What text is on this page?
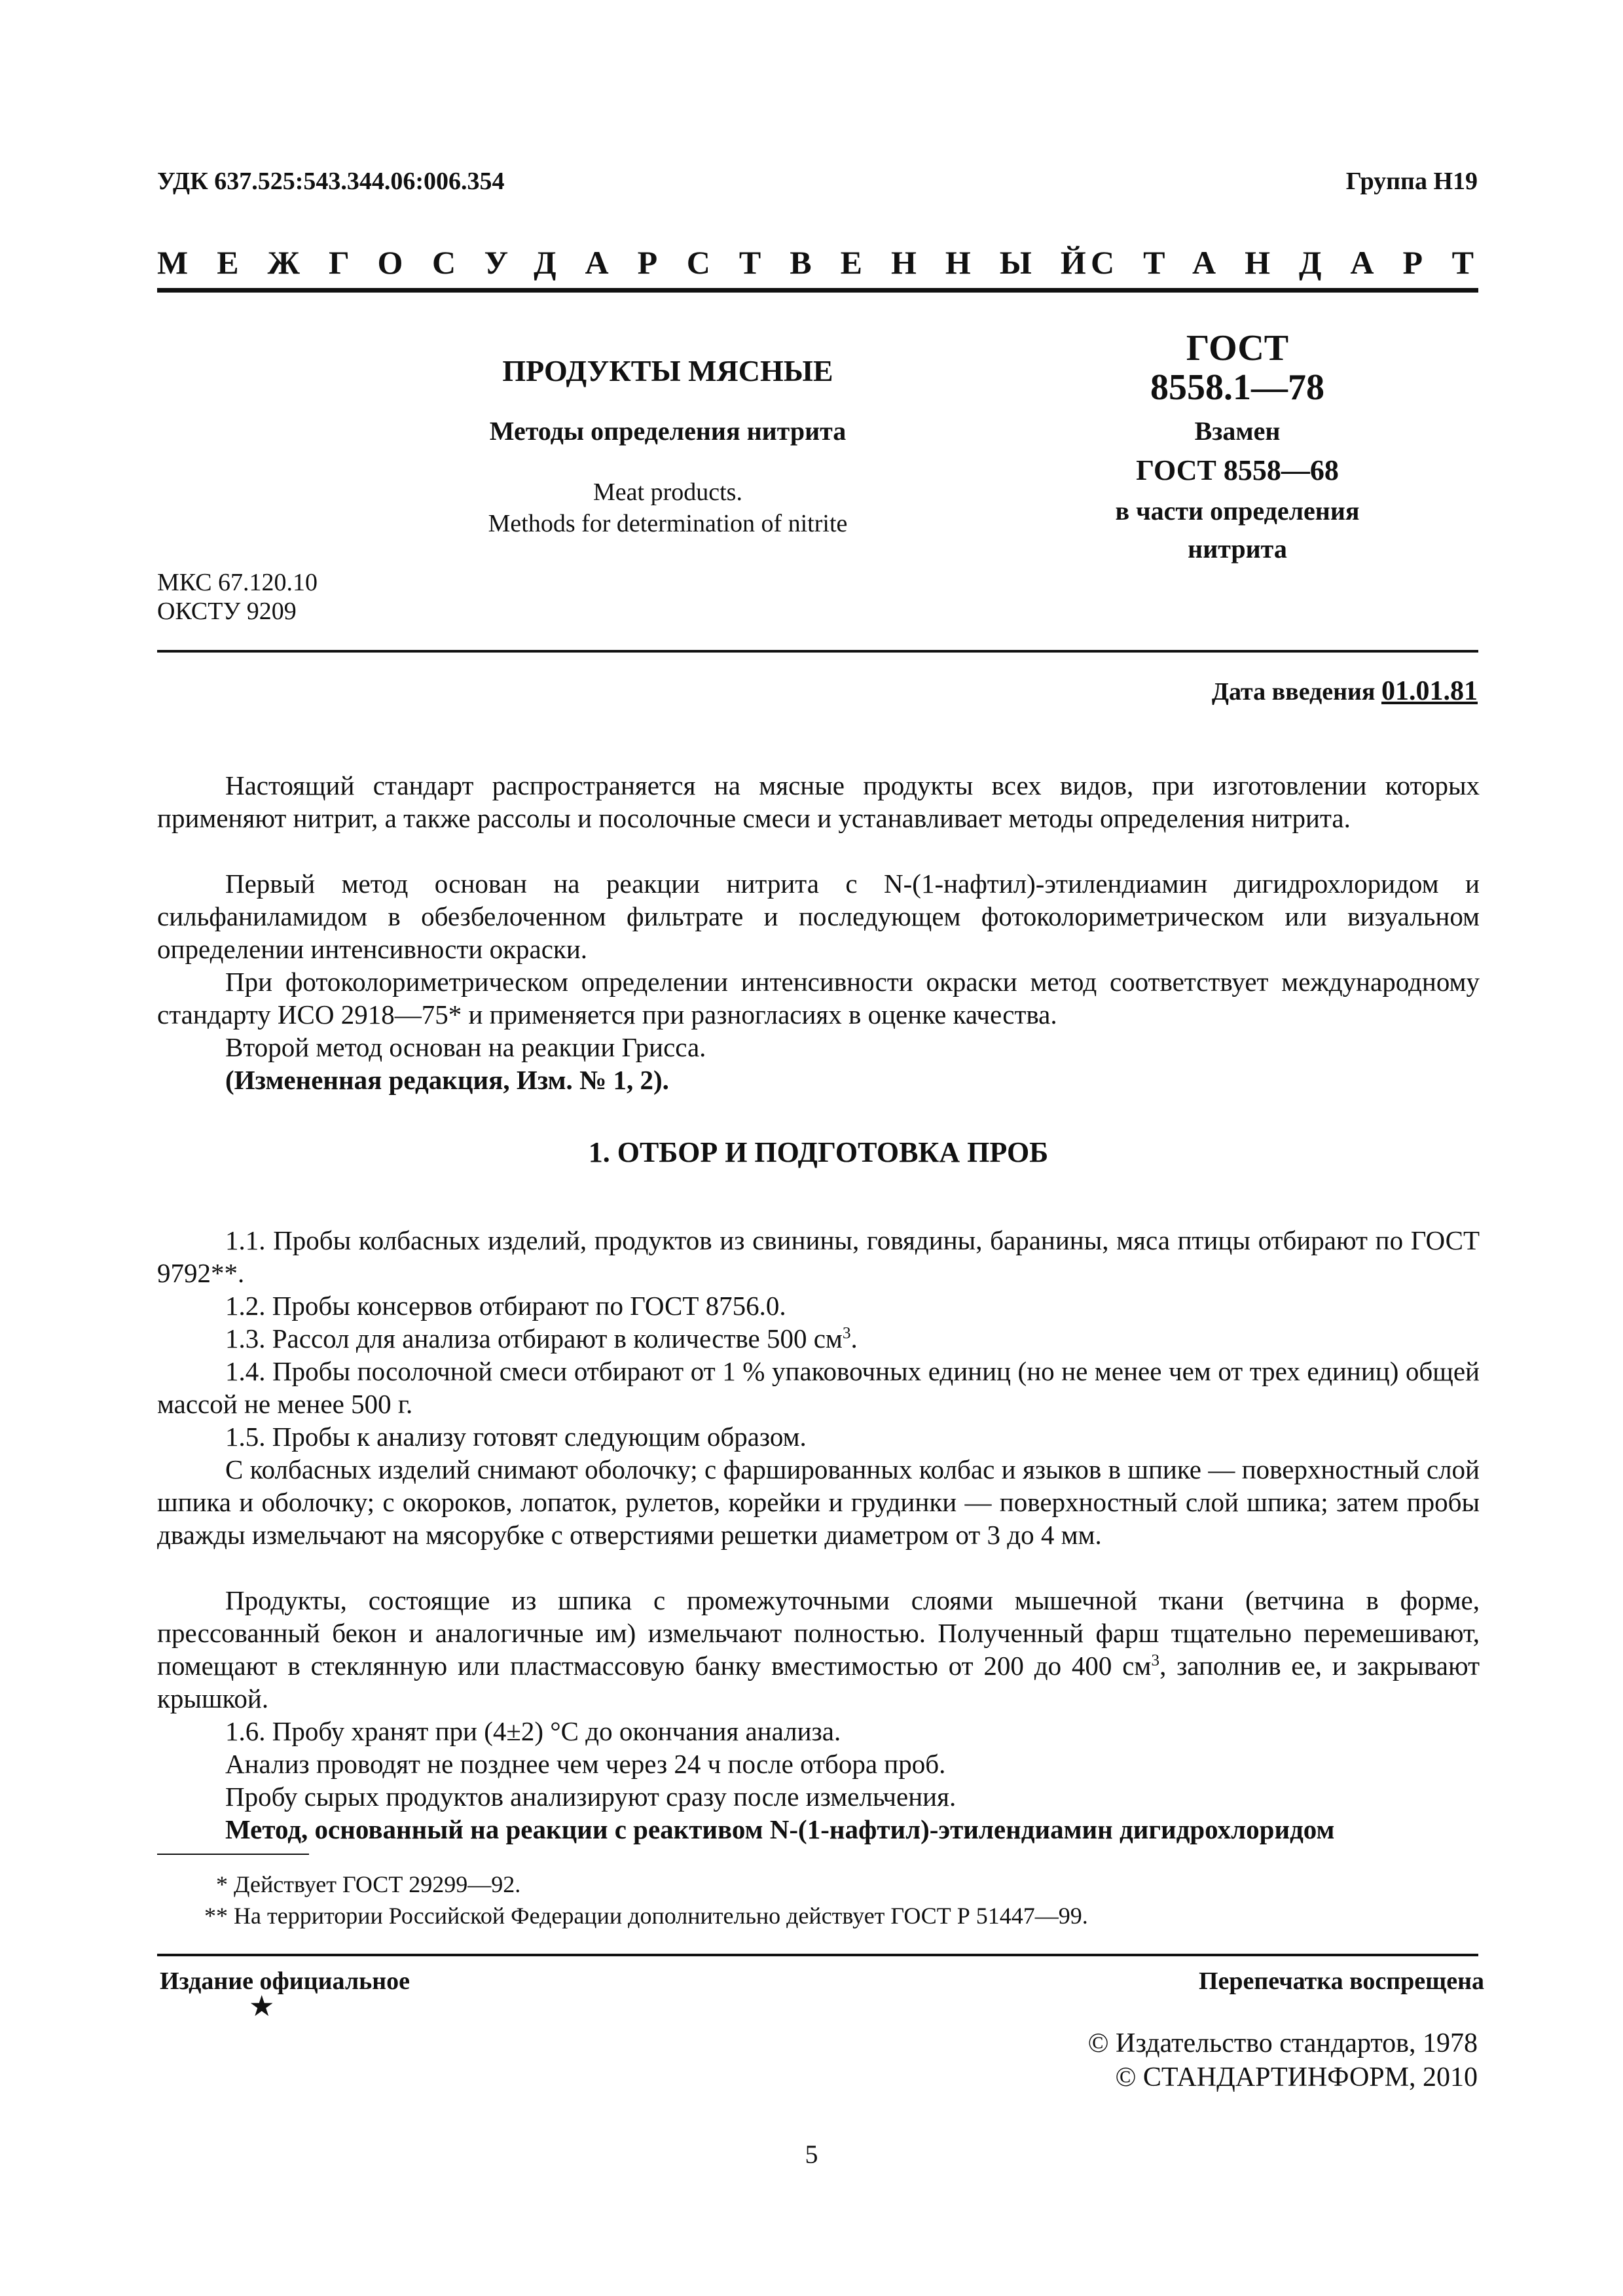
УДК 637.525:543.344.06:006.354	Группа Н19
МЕЖГОСУДАРСТВЕННЫЙ
СТАНДАРТ
ПРОДУКТЫ МЯСНЫЕ
Методы определения нитрита
Meat products.
Methods for determination of nitrite
ГОСТ
8558.1—78
Взамен
ГОСТ 8558—68
в части определения
нитрита
МКС 67.120.10
ОКСТУ 9209
Дата введения 01.01.81

Настоящий стандарт распространяется на мясные продукты всех видов, при изготовлении которых применяют нитрит, а также рассолы и посолочные смеси и устанавливает методы определения нитрита.

Первый метод основан на реакции нитрита с N-(1-нафтил)-этилендиамин дигидрохлоридом и сильфаниламидом в обезбелоченном фильтрате и последующем фотоколориметрическом или визуальном определении интенсивности окраски.

При фотоколориметрическом определении интенсивности окраски метод соответствует международному стандарту ИСО 2918—75* и применяется при разногласиях в оценке качества.

Второй метод основан на реакции Грисса.

(Измененная редакция, Изм. № 1, 2).

1. ОТБОР И ПОДГОТОВКА ПРОБ

1.1. Пробы колбасных изделий, продуктов из свинины, говядины, баранины, мяса птицы отбирают по ГОСТ 9792**.

1.2. Пробы консервов отбирают по ГОСТ 8756.0.

1.3. Рассол для анализа отбирают в количестве 500 $см^3$.

1.4. Пробы посолочной смеси отбирают от 1 % упаковочных единиц (но не менее чем от трех единиц) общей массой не менее 500 г.

1.5. Пробы к анализу готовят следующим образом.

С колбасных изделий снимают оболочку; с фаршированных колбас и языков в шпике — поверхностный слой шпика и оболочку; с окороков, лопаток, рулетов, корейки и грудинки — поверхностный слой шпика; затем пробы дважды измельчают на мясорубке с отверстиями решетки диаметром от 3 до 4 мм.

Продукты, состоящие из шпика с промежуточными слоями мышечной ткани (ветчина в форме, прессованный бекон и аналогичные им) измельчают полностью. Полученный фарш тщательно перемешивают, помещают в стеклянную или пластмассовую банку вместимостью от 200 до 400 $см^3$, заполнив ее, и закрывают крышкой.

1.6. Пробу хранят при (4±2) °С до окончания анализа.

Анализ проводят не позднее чем через 24 ч после отбора проб.

Пробу сырых продуктов анализируют сразу после измельчения.

Метод, основанный на реакции с реактивом N-(1-нафтил)-этилендиамин дигидрохлоридом

* Действует ГОСТ 29299—92.

** На территории Российской Федерации дополнительно действует ГОСТ Р 51447—99.

Издание официальное
★
Перепечатка воспрещена
© Издательство стандартов, 1978
© СТАНДАРТИНФОРМ, 2010
5
